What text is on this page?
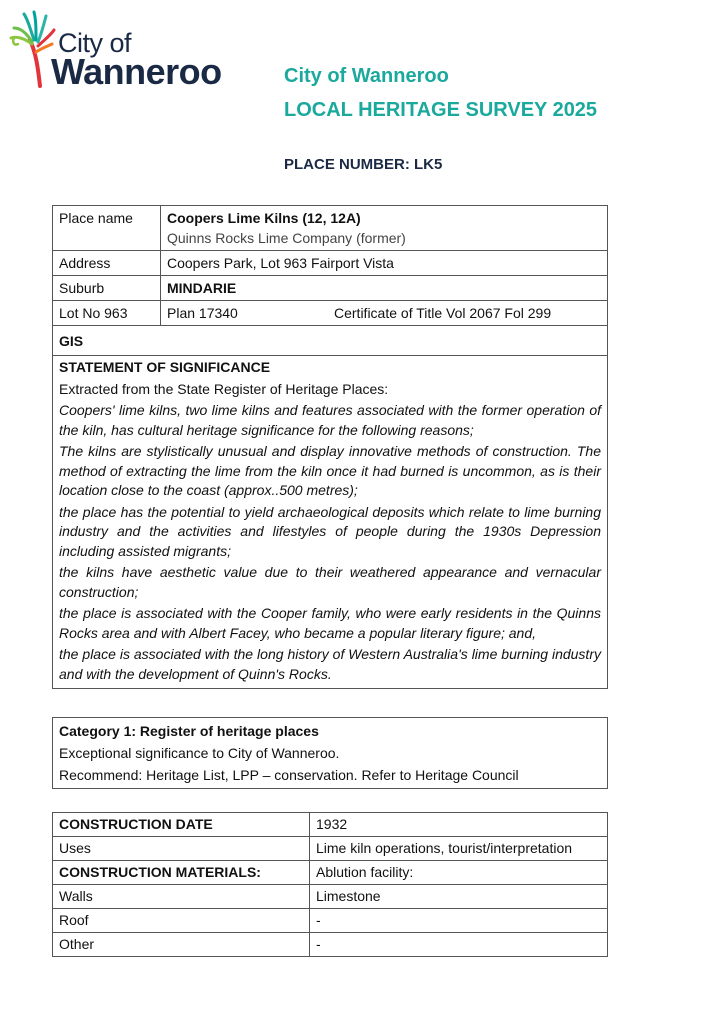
City of
Wanneroo	City of Wanneroo
LOCAL HERITAGE SURVEY 2025
PLACE NUMBER: LK5
Place name	Coopers Lime Kilns (12, 12A)
Quinns Rocks Lime Company (former)

Address	Coopers Park, Lot 963 Fairport Vista
Suburb	MINDARIE
Lot No 963	Plan 17340 Certificate of Title Vol 2067 Fol 299

GIS	

STATEMENT OF SIGNIFICANCE

Extracted from the State Register of Heritage Places:

Coopers' lime kilns, two lime kilns and features associated with the former operation of the kiln, has cultural heritage significance for the following reasons;

The kilns are stylistically unusual and display innovative methods of construction. The method of extracting the lime from the kiln once it had burned is uncommon, as is their location close to the coast (approx..500 metres);

the place has the potential to yield archaeological deposits which relate to lime burning industry and the activities and lifestyles of people during the 1930s Depression including assisted migrants;

the kilns have aesthetic value due to their weathered appearance and vernacular construction;

the place is associated with the Cooper family, who were early residents in the Quinns Rocks area and with Albert Facey, who became a popular literary figure; and,

the place is associated with the long history of Western Australia's lime burning industry and with the development of Quinn's Rocks.

Category 1: Register of heritage places
Exceptional significance to City of Wanneroo.
Recommend: Heritage List, LPP – conservation. Refer to Heritage Council
CONSTRUCTION DATE	1932
Uses	Lime kiln operations, tourist/interpretation
CONSTRUCTION MATERIALS:	Ablution facility:
Walls	Limestone
Roof	-
Other	-
